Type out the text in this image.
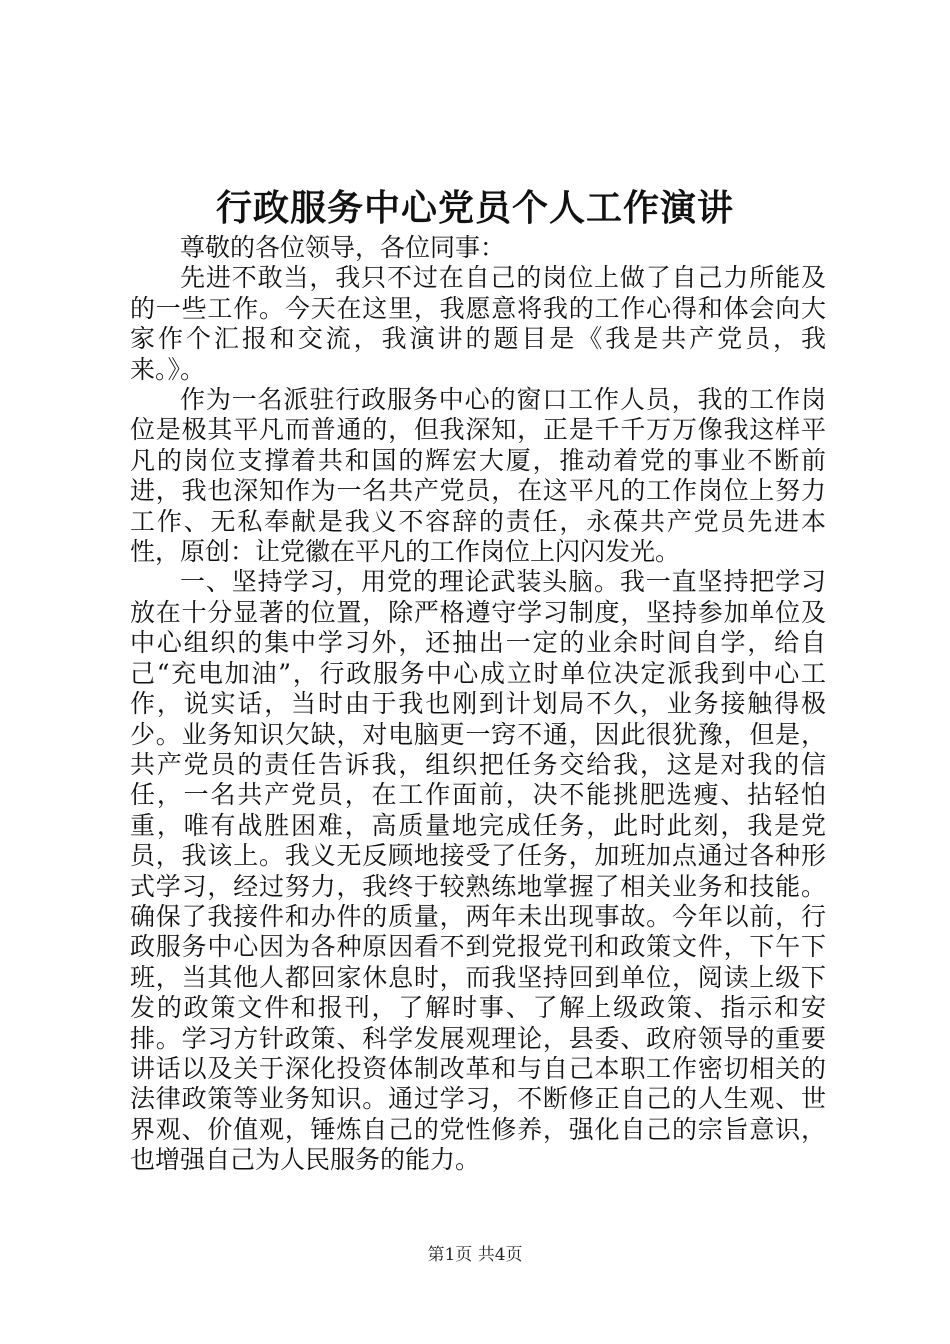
行政服务中心党员个人工作演讲

尊敬的各位领导，各位同事：

先进不敢当，我只不过在自己的岗位上做了自己力所能及的一些工作。今天在这里，我愿意将我的工作心得和体会向大家作个汇报和交流，我演讲的题目是《我是共产党员，我来。》。

作为一名派驻行政服务中心的窗口工作人员，我的工作岗位是极其平凡而普通的，但我深知，正是千千万万像我这样平凡的岗位支撑着共和国的辉宏大厦，推动着党的事业不断前进，我也深知作为一名共产党员，在这平凡的工作岗位上努力工作、无私奉献是我义不容辞的责任，永葆共产党员先进本性，原创：让党徽在平凡的工作岗位上闪闪发光。

一、坚持学习，用党的理论武装头脑。我一直坚持把学习放在十分显著的位置，除严格遵守学习制度，坚持参加单位及中心组织的集中学习外，还抽出一定的业余时间自学，给自己“充电加油”，行政服务中心成立时单位决定派我到中心工作，说实话，当时由于我也刚到计划局不久，业务接触得极少。业务知识欠缺，对电脑更一窍不通，因此很犹豫，但是，共产党员的责任告诉我，组织把任务交给我，这是对我的信任，一名共产党员，在工作面前，决不能挑肥选瘦、拈轻怕重，唯有战胜困难，高质量地完成任务，此时此刻，我是党员，我该上。我义无反顾地接受了任务，加班加点通过各种形式学习，经过努力，我终于较熟练地掌握了相关业务和技能。确保了我接件和办件的质量，两年未出现事故。今年以前，行政服务中心因为各种原因看不到党报党刊和政策文件，下午下班，当其他人都回家休息时，而我坚持回到单位，阅读上级下发的政策文件和报刊，了解时事、了解上级政策、指示和安排。学习方针政策、科学发展观理论，县委、政府领导的重要讲话以及关于深化投资体制改革和与自己本职工作密切相关的法律政策等业务知识。通过学习，不断修正自己的人生观、世界观、价值观，锤炼自己的党性修养，强化自己的宗旨意识，也增强自己为人民服务的能力。

第1页 共4页
